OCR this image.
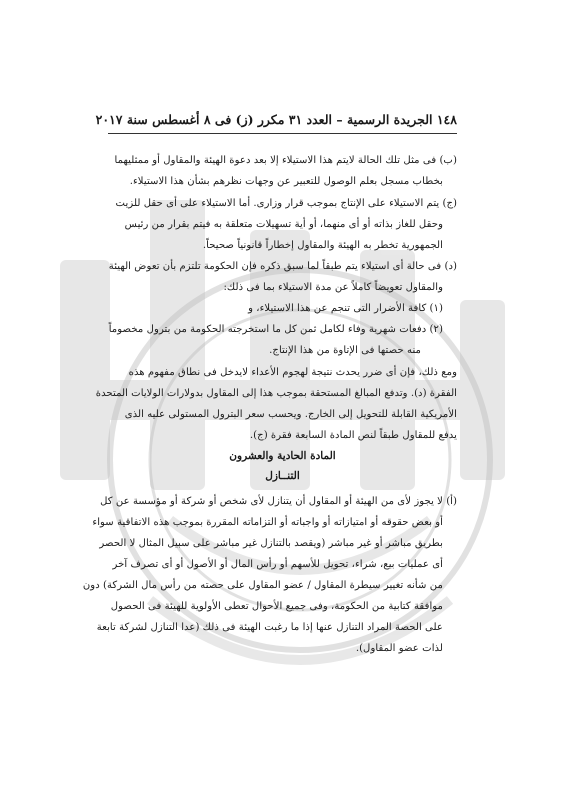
١٤٨ الجريدة الرسمية – العدد ٣١ مكرر (ز) فى ٨ أغسطس سنة ٢٠١٧
(ب) فى مثل تلك الحالة لايتم هذا الاستيلاء إلا بعد دعوة الهيئة والمقاول أو ممثليهما
بخطاب مسجل بعلم الوصول للتعبير عن وجهات نظرهم بشأن هذا الاستيلاء.
(ج) يتم الاستيلاء على الإنتاج بموجب قرار وزارى. أما الاستيلاء على أى حقل للزيت
وحقل للغاز بذاته أو أى منهما، أو أية تسهيلات متعلقة به فيتم بقرار من رئيس
الجمهورية تخطر به الهيئة والمقاول إخطاراً قانونياً صحيحاً.
(د) فى حالة أى استيلاء يتم طبقاً لما سبق ذكره فإن الحكومة تلتزم بأن تعوض الهيئة
والمقاول تعويضاً كاملاً عن مدة الاستيلاء بما فى ذلك:
(١) كافة الأضرار التى تنجم عن هذا الاستيلاء، و
(٢) دفعات شهرية وفاء لكامل ثمن كل ما استخرجته الحكومة من بترول مخصوماً
منه حصتها فى الإتاوة من هذا الإنتاج.
ومع ذلك، فإن أى ضرر يحدث نتيجة لهجوم الأعداء لايدخل فى نطاق مفهوم هذه
الفقرة (د). وتدفع المبالغ المستحقة بموجب هذا إلى المقاول بدولارات الولايات المتحدة
الأمريكية القابلة للتحويل إلى الخارج. ويحسب سعر البترول المستولى عليه الذى
يدفع للمقاول طبقاً لنص المادة السابعة فقرة (ج).
المادة الحادية والعشرون
التنــازل
(أ) لا يجوز لأى من الهيئة أو المقاول أن يتنازل لأى شخص أو شركة أو مؤسسة عن كل
أو بعض حقوقه أو امتيازاته أو واجباته أو التزاماته المقررة بموجب هذه الاتفاقية سواء
بطريق مباشر أو غير مباشر (ويقصد بالتنازل غير مباشر على سبيل المثال لا الحصر
أى عمليات بيع، شراء، تحويل للأسهم أو رأس المال أو الأصول أو أى تصرف آخر
من شأنه تغيير سيطرة المقاول / عضو المقاول على حصته من رأس مال الشركة) دون
موافقة كتابية من الحكومة، وفى جميع الأحوال تعطى الأولوية للهيئة فى الحصول
على الحصة المراد التنازل عنها إذا ما رغبت الهيئة فى ذلك (عدا التنازل لشركة تابعة
لذات عضو المقاول).
